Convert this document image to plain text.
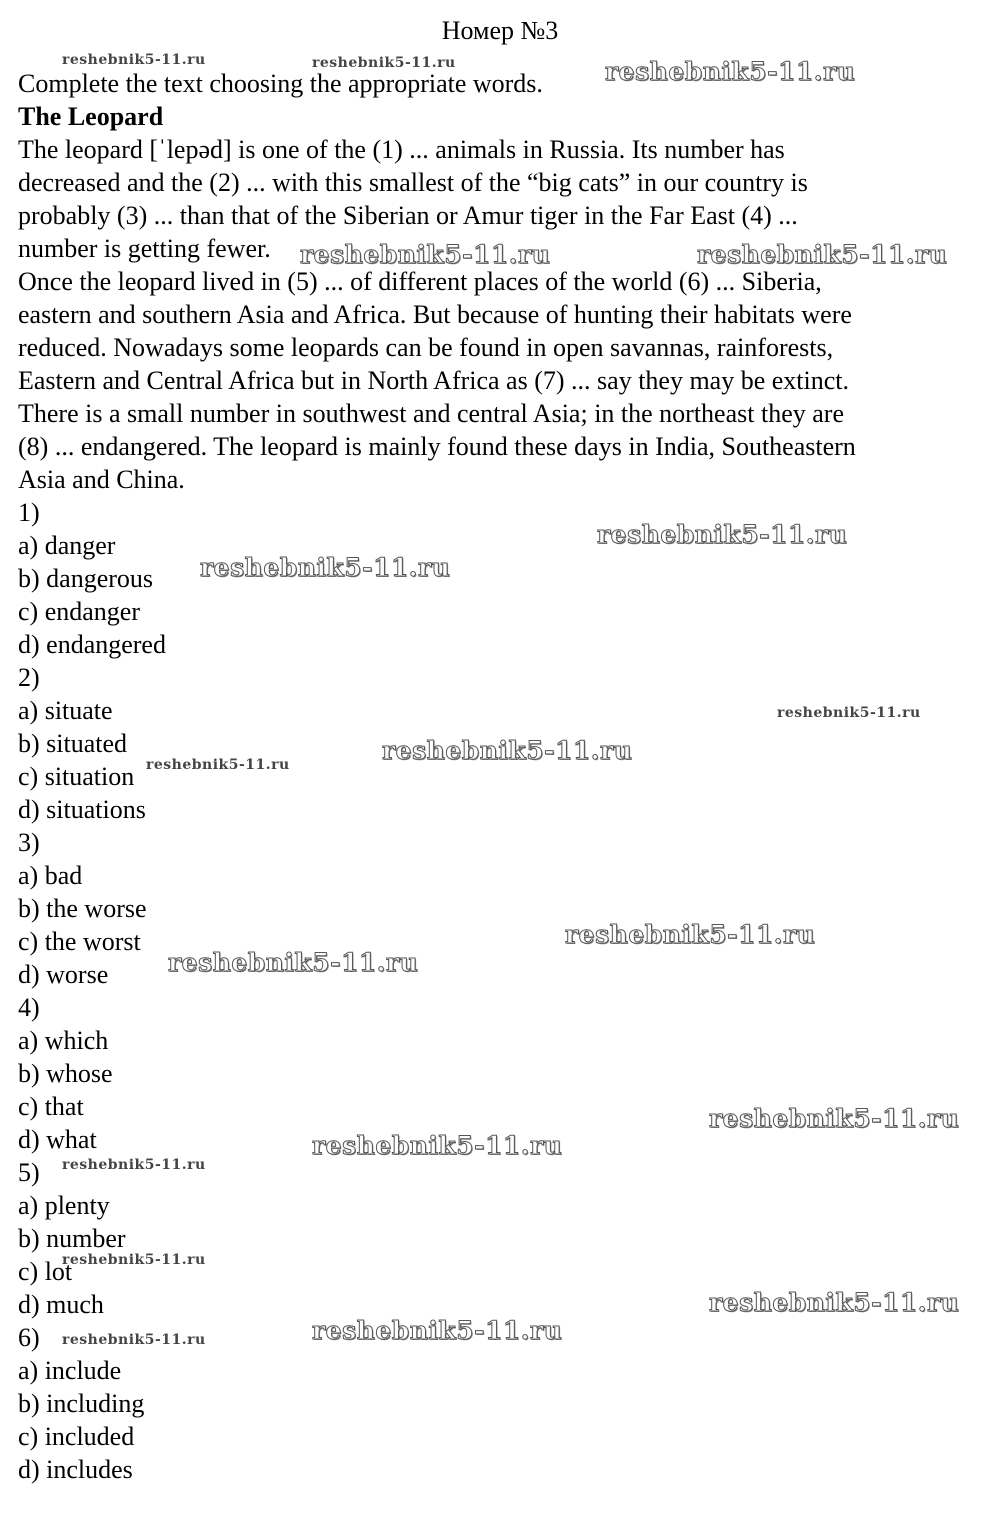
Номер №3

Complete the text choosing the appropriate words.

The Leopard

The leopard [ˈlepəd] is one of the (1) ... animals in Russia. Its number has

decreased and the (2) ... with this smallest of the “big cats” in our country is

probably (3) ... than that of the Siberian or Amur tiger in the Far East (4) ...

number is getting fewer.

Once the leopard lived in (5) ... of different places of the world (6) ... Siberia,

eastern and southern Asia and Africa. But because of hunting their habitats were

reduced. Nowadays some leopards can be found in open savannas, rainforests,

Eastern and Central Africa but in North Africa as (7) ... say they may be extinct.

There is a small number in southwest and central Asia; in the northeast they are

(8) ... endangered. The leopard is mainly found these days in India, Southeastern

Asia and China.

1)

a) danger

b) dangerous

c) endanger

d) endangered

2)

a) situate

b) situated

c) situation

d) situations

3)

a) bad

b) the worse

c) the worst

d) worse

4)

a) which

b) whose

c) that

d) what

5)

a) plenty

b) number

c) lot

d) much

6)

a) include

b) including

c) included

d) includes

reshebnik5-11.ru	reshebnik5-11.ru	reshebnik5-11.ru
reshebnik5-11.ru	reshebnik5-11.ru
reshebnik5-11.ru
reshebnik5-11.ru
reshebnik5-11.ru
reshebnik5-11.ru
reshebnik5-11.ru
reshebnik5-11.ru
reshebnik5-11.ru
reshebnik5-11.ru
reshebnik5-11.ru
reshebnik5-11.ru
reshebnik5-11.ru
reshebnik5-11.ru
reshebnik5-11.ru
reshebnik5-11.ru
